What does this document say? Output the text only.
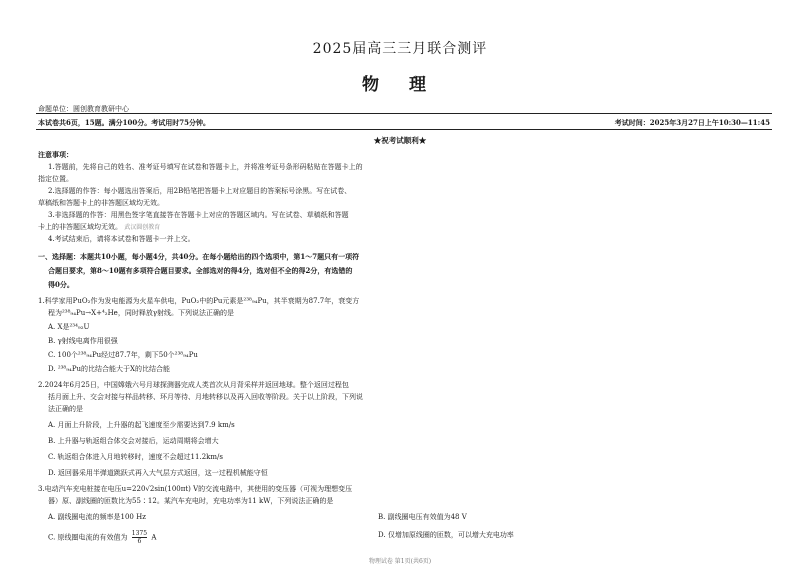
2025届高三三月联合测评
物 理
命题单位：圆创教育教研中心
本试卷共6页，15题。满分100分。考试用时75分钟。	考试时间：2025年3月27日上午10:30—11:45
★祝考试顺利★
注意事项：
1.答题前，先将自己的姓名、准考证号填写在试卷和答题卡上，并将准考证号条形码粘贴在答题卡上的
指定位置。
2.选择题的作答：每小题选出答案后，用2B铅笔把答题卡上对应题目的答案标号涂黑。写在试卷、
草稿纸和答题卡上的非答题区域均无效。
3.非选择题的作答：用黑色签字笔直接答在答题卡上对应的答题区域内。写在试卷、草稿纸和答题
卡上的非答题区域均无效。 武汉圆创教育
4.考试结束后，请将本试卷和答题卡一并上交。
一、选择题：本题共10小题，每小题4分，共40分。在每小题给出的四个选项中，第1～7题只有一项符
合题目要求，第8～10题有多项符合题目要求。全部选对的得4分，选对但不全的得2分，有选错的
得0分。
1.科学家用PuO₂作为发电能源为火星车供电，PuO₂中的Pu元素是²³⁸₉₄Pu，其半衰期为87.7年，衰变方
程为²³⁸₉₄Pu→X+⁴₂He，同时释放γ射线。下列说法正确的是
A. X是²³⁴₉₂U
B. γ射线电离作用很强
C. 100个²³⁸₉₄Pu经过87.7年，剩下50个²³⁸₉₄Pu
D. ²³⁸₉₄Pu的比结合能大于X的比结合能
2.2024年6月25日，中国嫦娥六号月球探测器完成人类首次从月背采样并返回地球。整个返回过程包
括月面上升、交会对接与样品转移、环月等待、月地转移以及再入回收等阶段。关于以上阶段，下列说
法正确的是
A. 月面上升阶段，上升器的起飞速度至少需要达到7.9 km/s
B. 上升器与轨返组合体交会对接后，运动周期将会增大
C. 轨返组合体进入月地转移时，速度不会超过11.2km/s
D. 返回器采用半弹道跳跃式再入大气层方式返回，这一过程机械能守恒
3.电动汽车充电桩接在电压u=220√2sin(100πt) V的交流电路中，其使用的变压器（可视为理想变压
器）原、副线圈的匝数比为55∶12。某汽车充电时，充电功率为11 kW，下列说法正确的是
A. 副线圈电流的频率是100 Hz	B. 副线圈电压有效值为48 V
C. 原线圈电流的有效值为 $\frac{1375}{6}$ A	D. 仅增加原线圈的匝数，可以增大充电功率
物理试卷 第1页(共6页)
